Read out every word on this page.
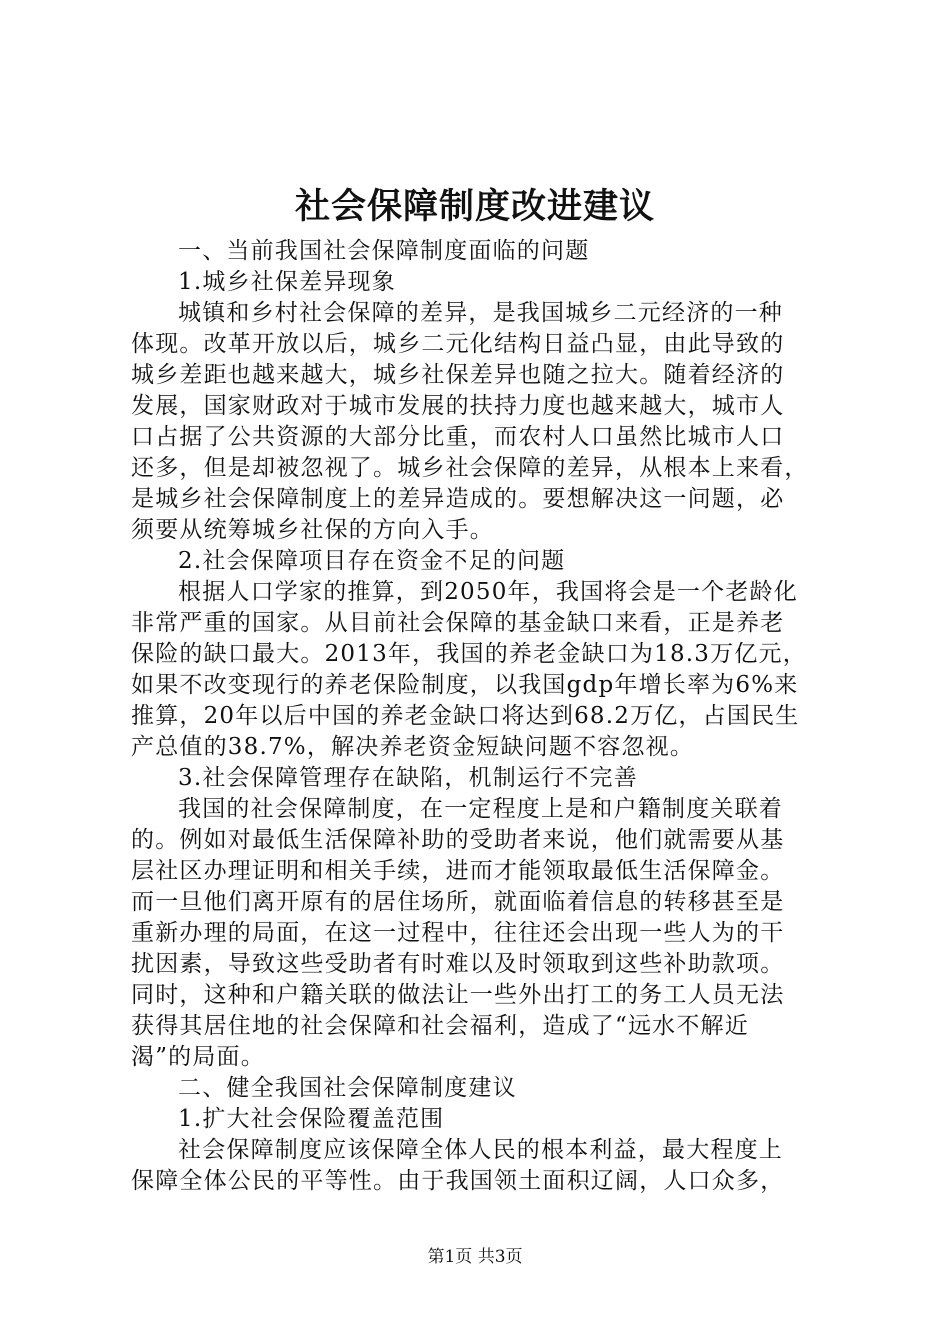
社会保障制度改进建议
一、当前我国社会保障制度面临的问题
1.城乡社保差异现象
城镇和乡村社会保障的差异，是我国城乡二元经济的一种
体现。改革开放以后，城乡二元化结构日益凸显，由此导致的
城乡差距也越来越大，城乡社保差异也随之拉大。随着经济的
发展，国家财政对于城市发展的扶持力度也越来越大，城市人
口占据了公共资源的大部分比重，而农村人口虽然比城市人口
还多，但是却被忽视了。城乡社会保障的差异，从根本上来看，
是城乡社会保障制度上的差异造成的。要想解决这一问题，必
须要从统筹城乡社保的方向入手。
2.社会保障项目存在资金不足的问题
根据人口学家的推算，到2050年，我国将会是一个老龄化
非常严重的国家。从目前社会保障的基金缺口来看，正是养老
保险的缺口最大。2013年，我国的养老金缺口为18.3万亿元，
如果不改变现行的养老保险制度，以我国gdp年增长率为6%来
推算，20年以后中国的养老金缺口将达到68.2万亿，占国民生
产总值的38.7%，解决养老资金短缺问题不容忽视。
3.社会保障管理存在缺陷，机制运行不完善
我国的社会保障制度，在一定程度上是和户籍制度关联着
的。例如对最低生活保障补助的受助者来说，他们就需要从基
层社区办理证明和相关手续，进而才能领取最低生活保障金。
而一旦他们离开原有的居住场所，就面临着信息的转移甚至是
重新办理的局面，在这一过程中，往往还会出现一些人为的干
扰因素，导致这些受助者有时难以及时领取到这些补助款项。
同时，这种和户籍关联的做法让一些外出打工的务工人员无法
获得其居住地的社会保障和社会福利，造成了“远水不解近
渴”的局面。
二、健全我国社会保障制度建议
1.扩大社会保险覆盖范围
社会保障制度应该保障全体人民的根本利益，最大程度上
保障全体公民的平等性。由于我国领土面积辽阔，人口众多，
第1页 共3页
